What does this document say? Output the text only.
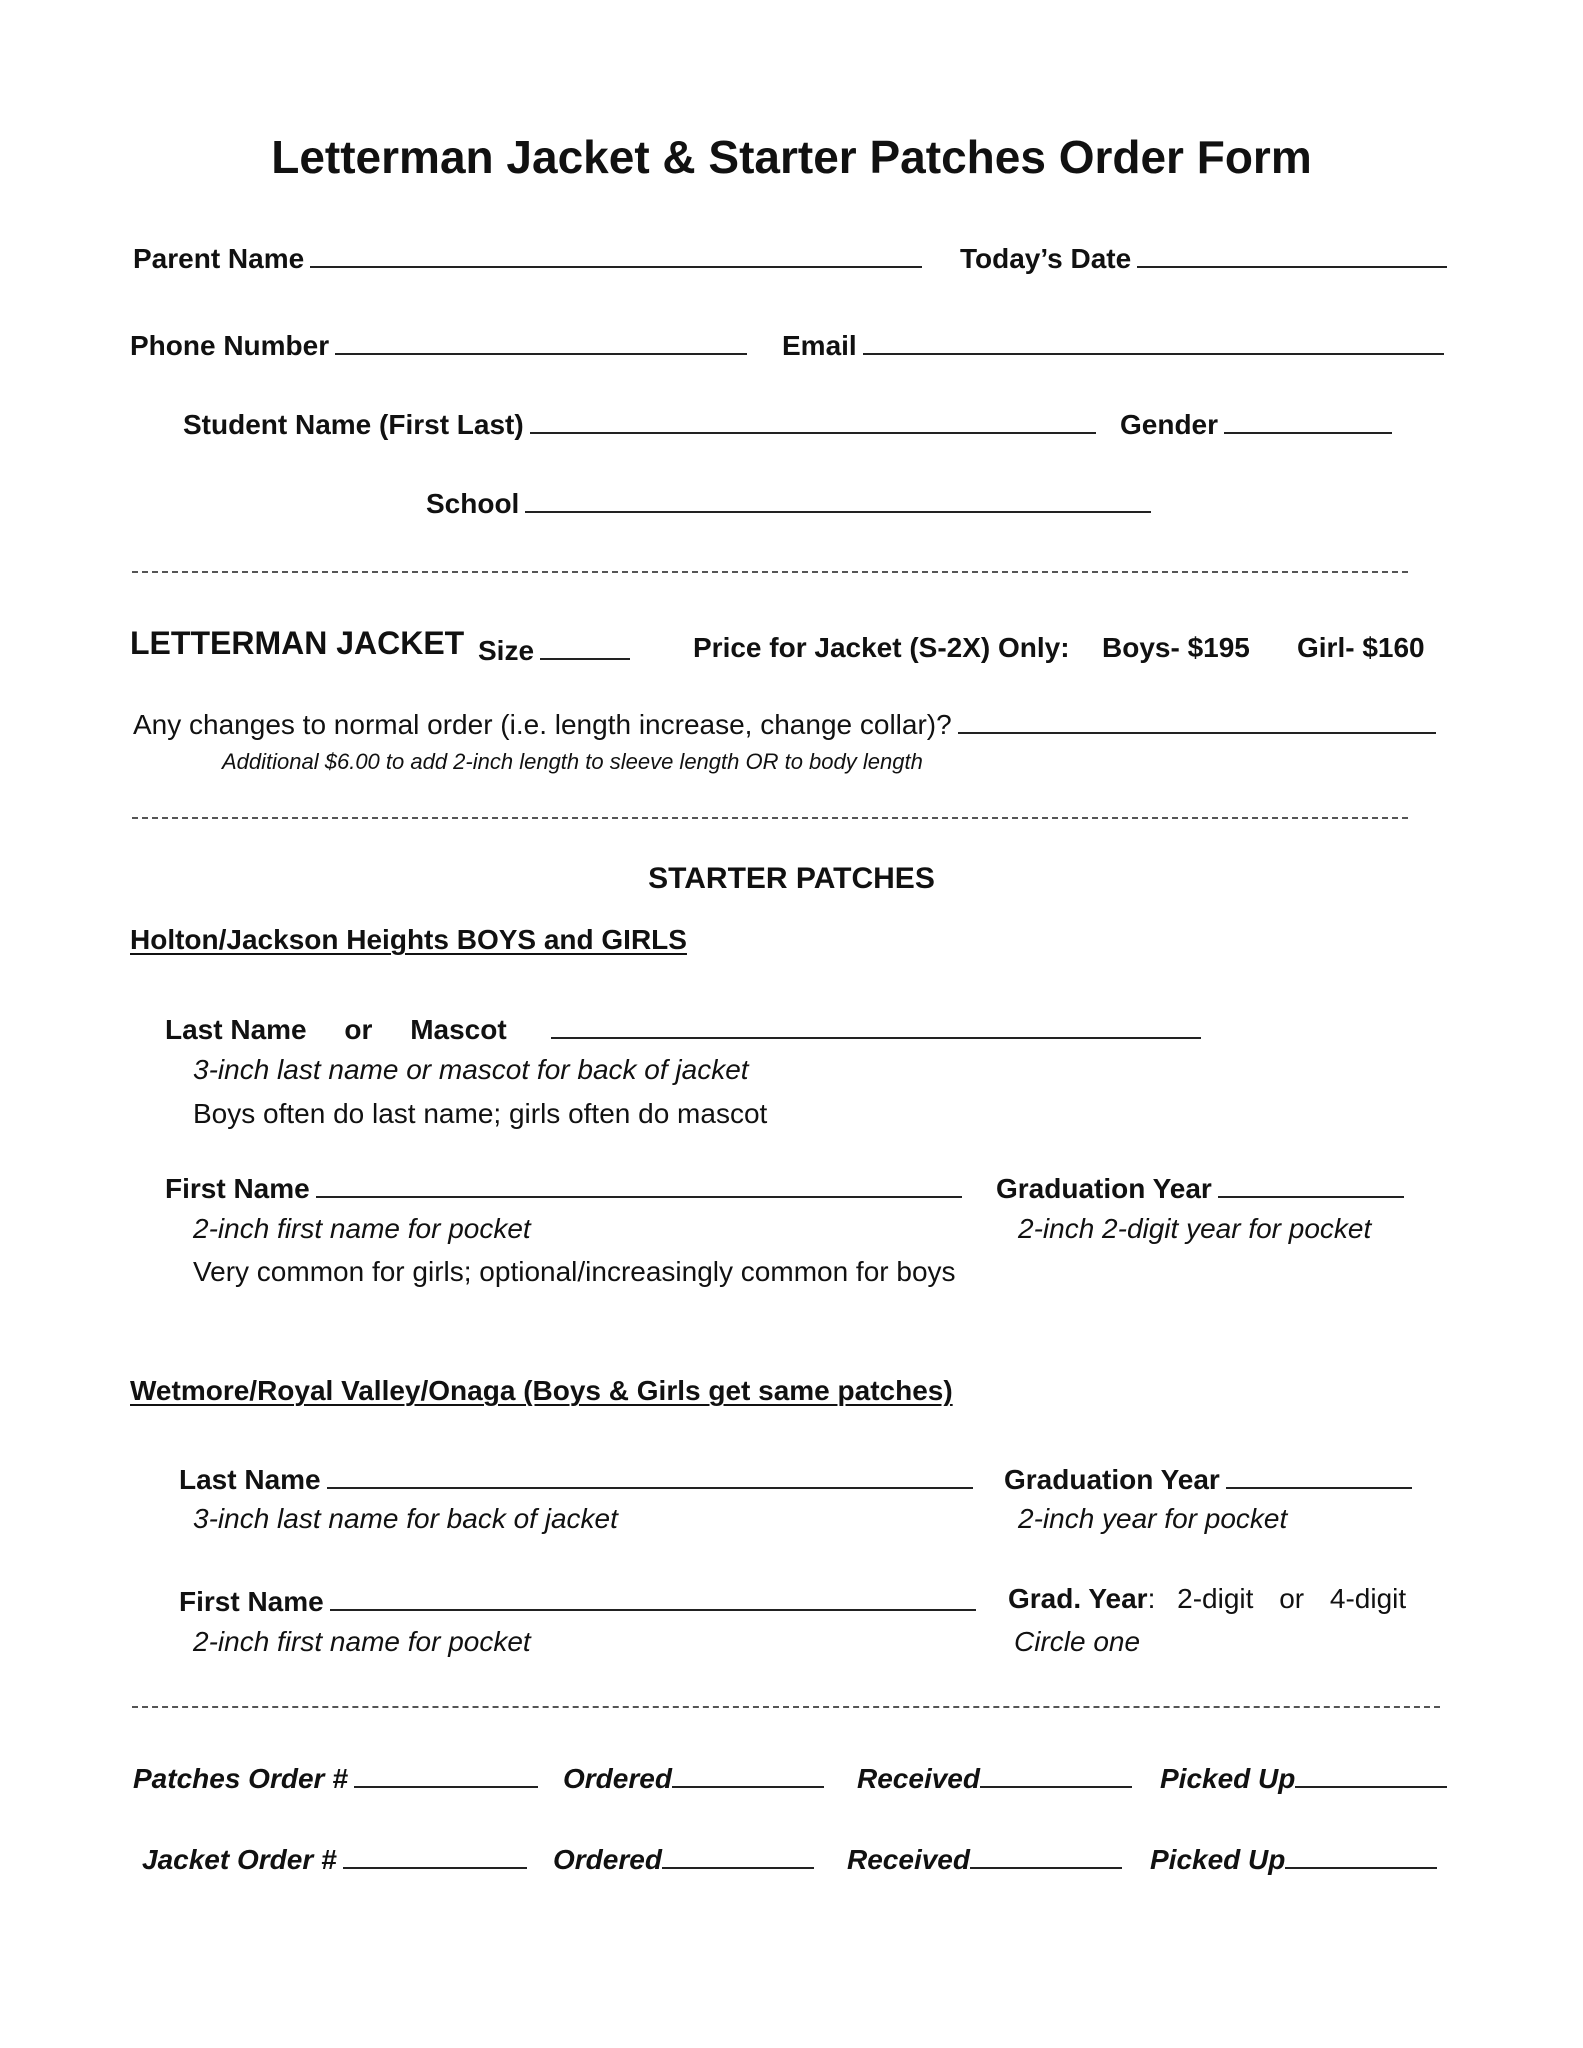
Letterman Jacket & Starter Patches Order Form
Parent Name	Today’s Date
Phone Number	Email
Student Name (First Last)	Gender
School
LETTERMAN JACKET Size	Price for Jacket (S-2X) Only: Boys- $195 Girl- $160
Any changes to normal order (i.e. length increase, change collar)?
Additional $6.00 to add 2-inch length to sleeve length OR to body length
STARTER PATCHES
Holton/Jackson Heights BOYS and GIRLS
Last Name or Mascot
3-inch last name or mascot for back of jacket
Boys often do last name; girls often do mascot
First Name	Graduation Year
2-inch first name for pocket	2-inch 2-digit year for pocket
Very common for girls; optional/increasingly common for boys
Wetmore/Royal Valley/Onaga (Boys & Girls get same patches)
Last Name	Graduation Year
3-inch last name for back of jacket	2-inch year for pocket
First Name	Grad. Year: 2-digit or 4-digit
2-inch first name for pocket	Circle one
Patches Order #	Ordered	Received	Picked Up
Jacket Order #	Ordered	Received	Picked Up
